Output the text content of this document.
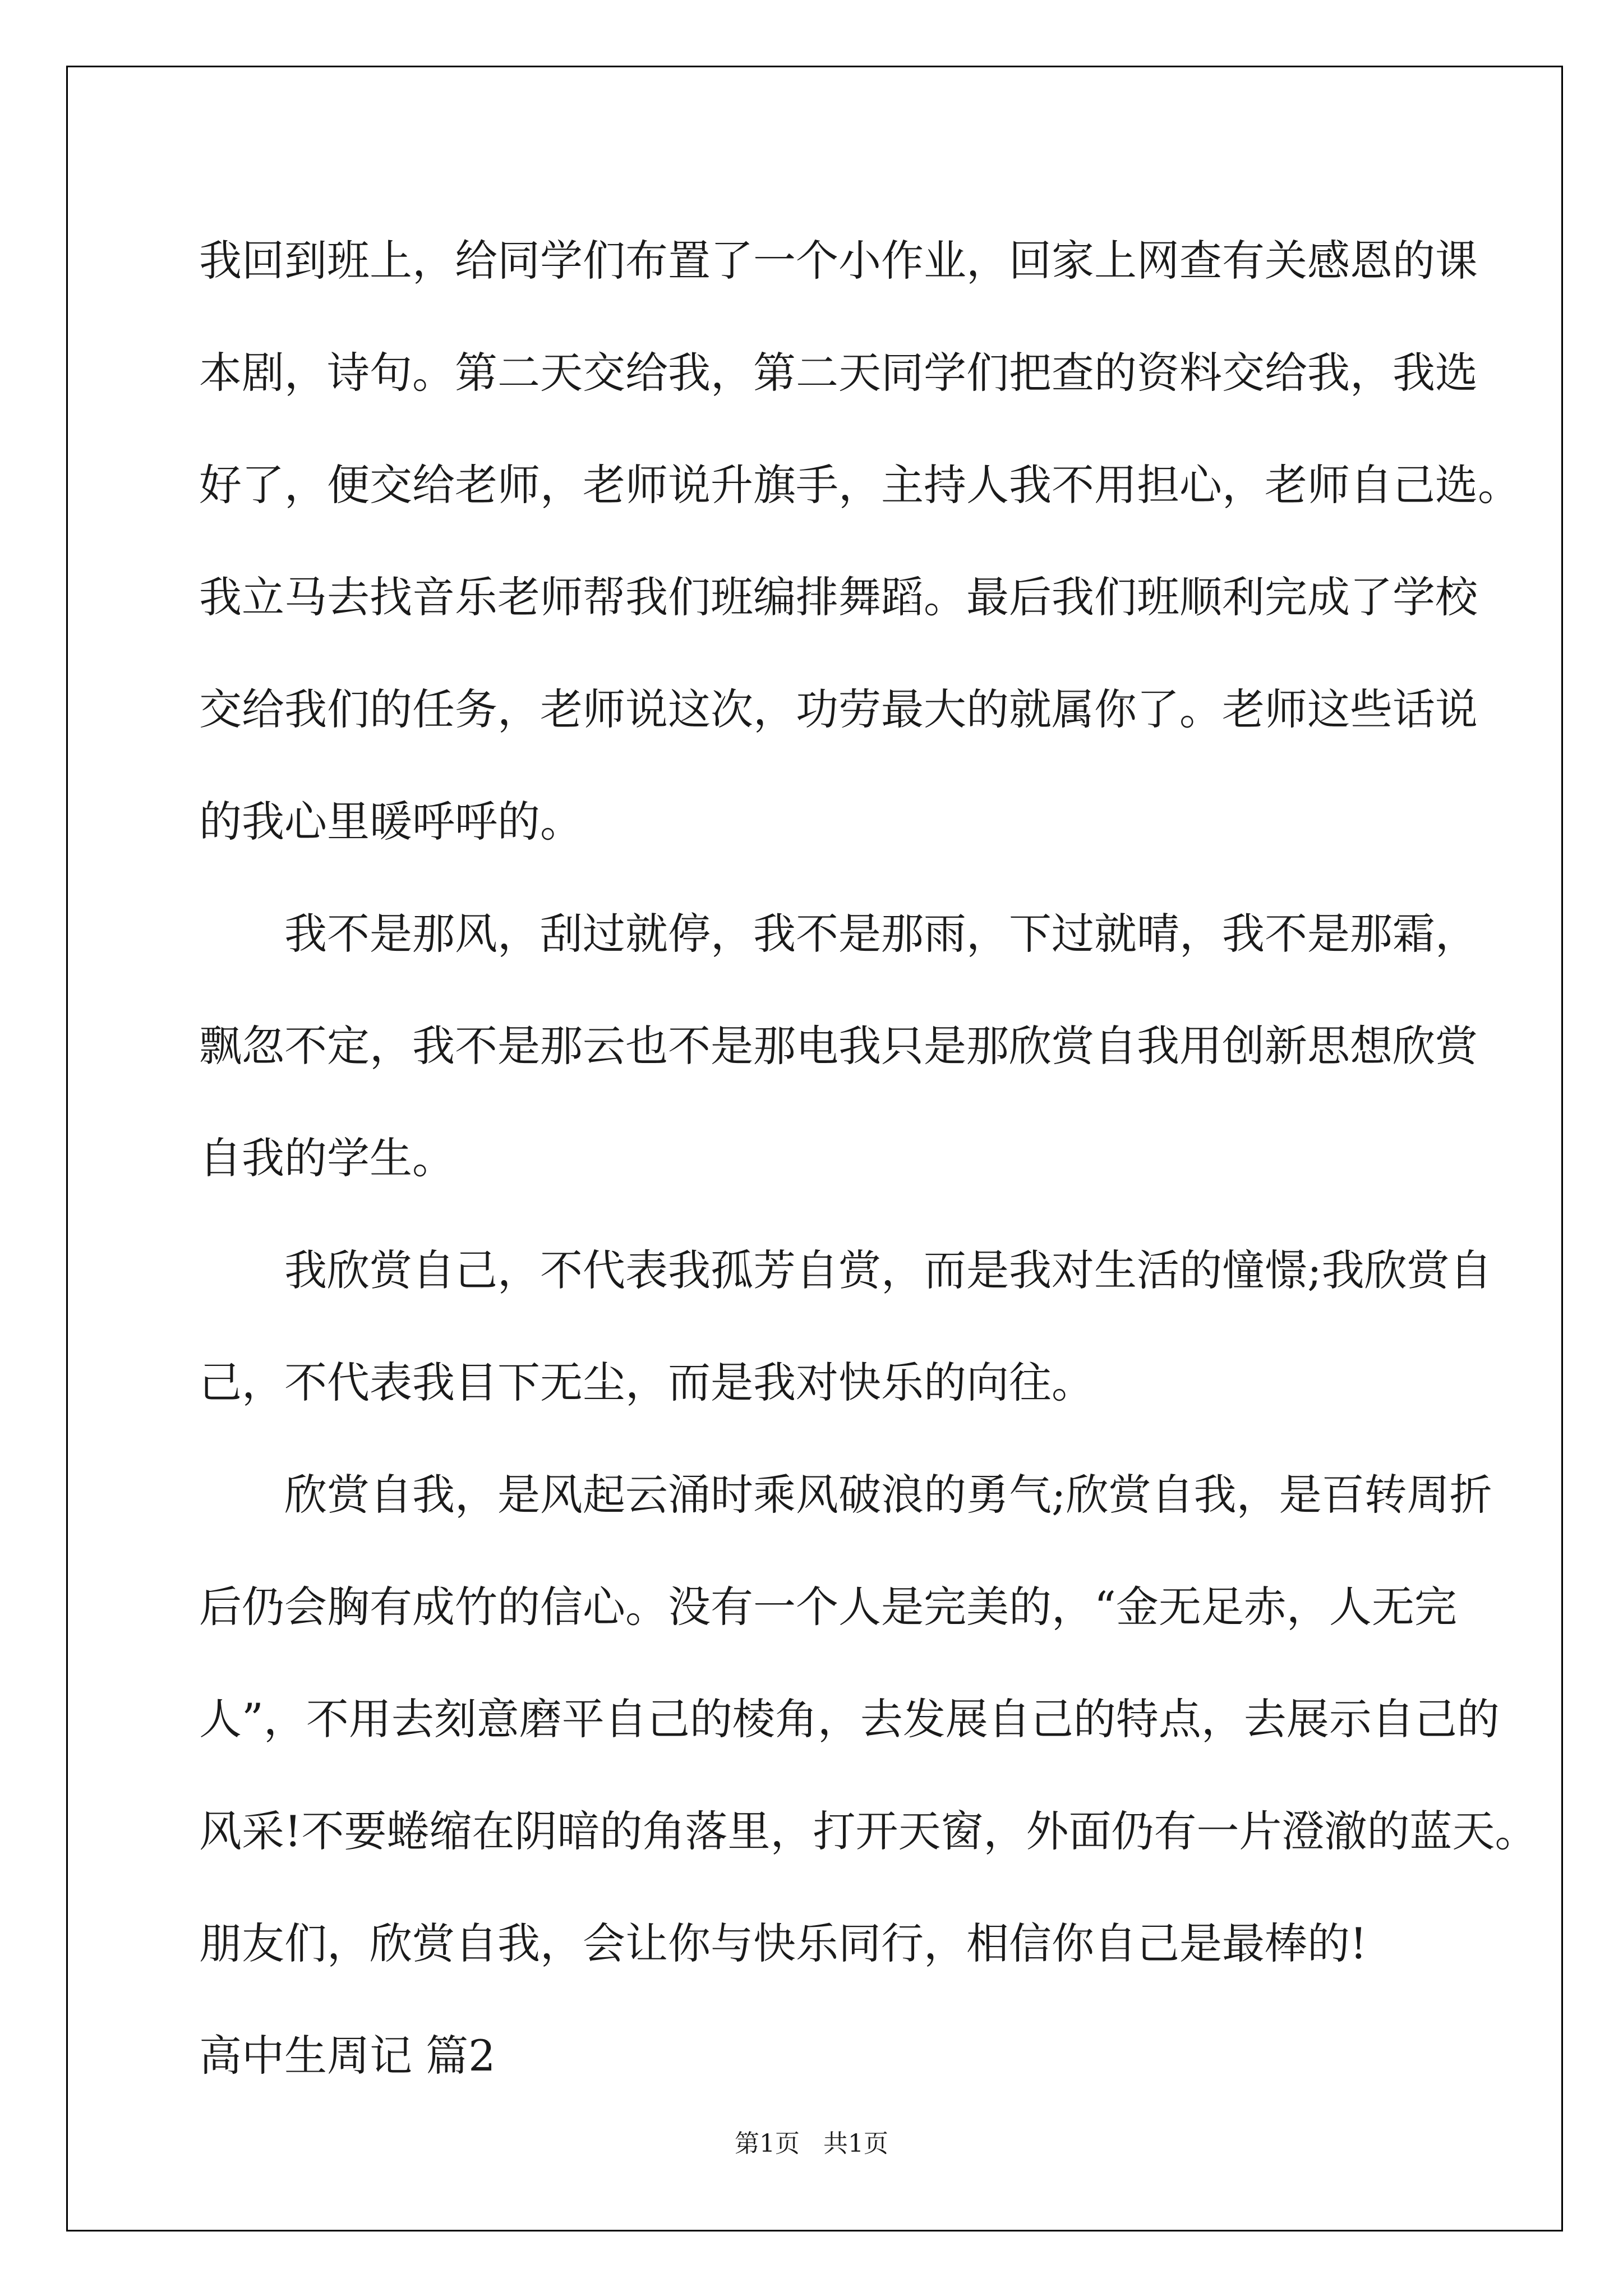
我回到班上，给同学们布置了一个小作业，回家上网查有关感恩的课

本剧，诗句。第二天交给我，第二天同学们把查的资料交给我，我选

好了，便交给老师，老师说升旗手，主持人我不用担心，老师自己选。

我立马去找音乐老师帮我们班编排舞蹈。最后我们班顺利完成了学校

交给我们的任务，老师说这次，功劳最大的就属你了。老师这些话说

的我心里暖呼呼的。

我不是那风，刮过就停，我不是那雨，下过就晴，我不是那霜，

飘忽不定，我不是那云也不是那电我只是那欣赏自我用创新思想欣赏

自我的学生。

我欣赏自己，不代表我孤芳自赏，而是我对生活的憧憬;我欣赏自

己，不代表我目下无尘，而是我对快乐的向往。

欣赏自我，是风起云涌时乘风破浪的勇气;欣赏自我，是百转周折

后仍会胸有成竹的信心。没有一个人是完美的，“金无足赤，人无完

人”，不用去刻意磨平自己的棱角，去发展自己的特点，去展示自己的

风采!不要蜷缩在阴暗的角落里，打开天窗，外面仍有一片澄澈的蓝天。

朋友们，欣赏自我，会让你与快乐同行，相信你自己是最棒的!

高中生周记 篇2

第1页   共1页
